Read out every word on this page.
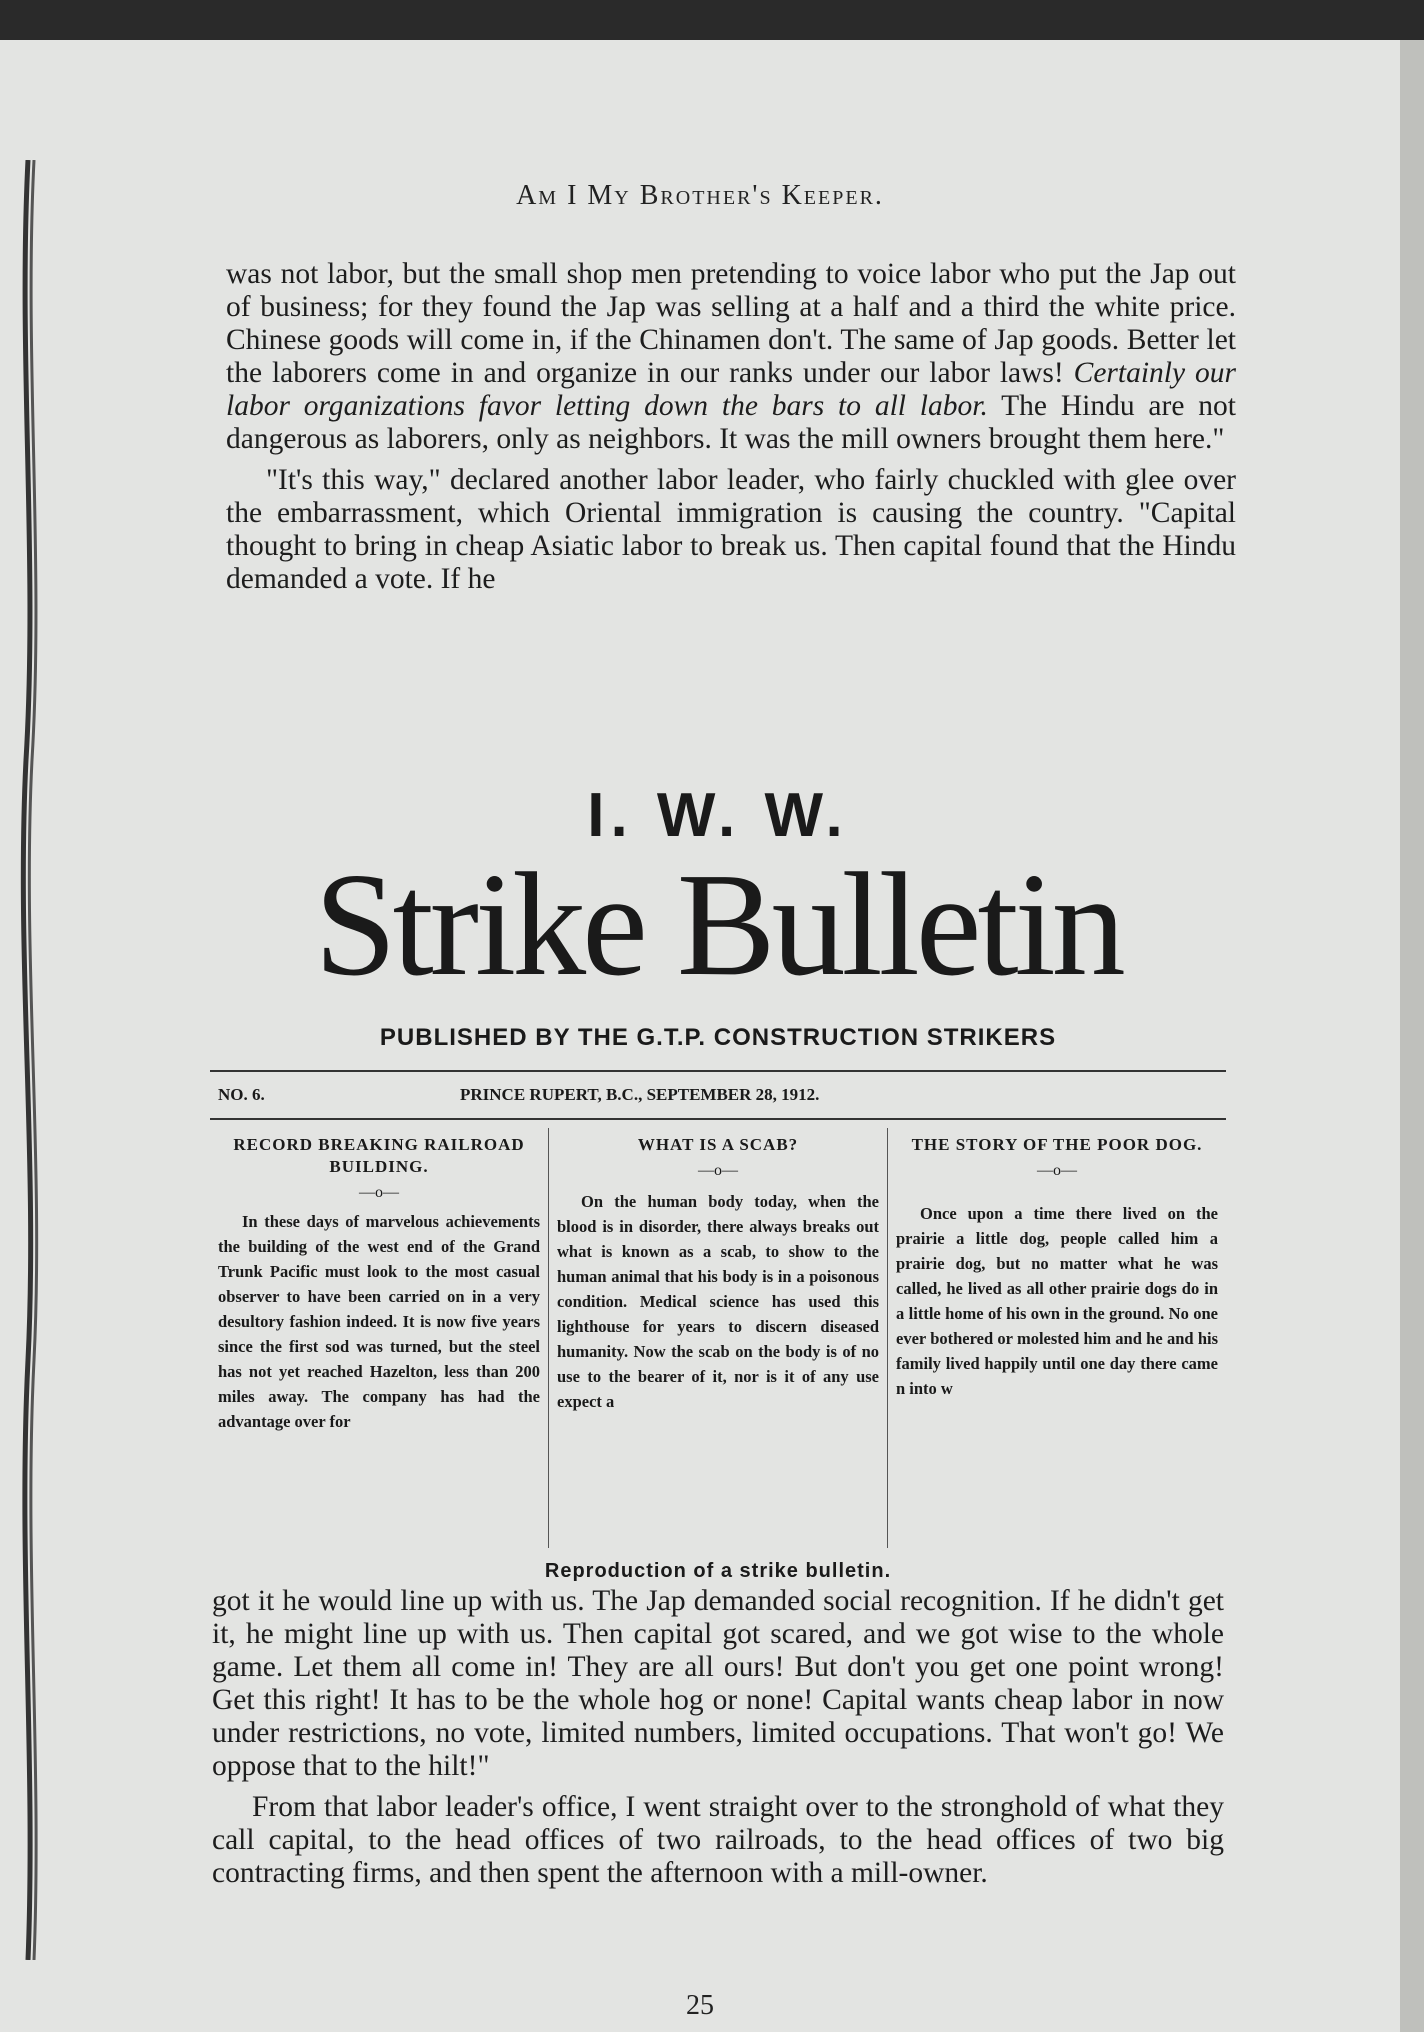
Am I My Brother's Keeper.

was not labor, but the small shop men pretending to voice labor who put the Jap out of business; for they found the Jap was selling at a half and a third the white price. Chinese goods will come in, if the Chinamen don't. The same of Jap goods. Better let the laborers come in and organize in our ranks under our labor laws! Certainly our labor organizations favor letting down the bars to all labor. The Hindu are not dangerous as laborers, only as neighbors. It was the mill owners brought them here."

"It's this way," declared another labor leader, who fairly chuckled with glee over the embarrassment, which Oriental immigration is causing the country. "Capital thought to bring in cheap Asiatic labor to break us. Then capital found that the Hindu demanded a vote. If he

I. W. W.
Strike Bulletin
PUBLISHED BY THE G.T.P. CONSTRUCTION STRIKERS
NO. 6.	PRINCE RUPERT, B.C., SEPTEMBER 28, 1912.
RECORD BREAKING RAILROAD BUILDING.
—o—
In these days of marvelous achievements the building of the west end of the Grand Trunk Pacific must look to the most casual observer to have been carried on in a very desultory fashion indeed. It is now five years since the first sod was turned, but the steel has not yet reached Hazelton, less than 200 miles away. The company has had the advantage over for
WHAT IS A SCAB?
—o—
On the human body today, when the blood is in disorder, there always breaks out what is known as a scab, to show to the human animal that his body is in a poisonous condition. Medical science has used this lighthouse for years to discern diseased humanity. Now the scab on the body is of no use to the bearer of it, nor is it of any use expect a
THE STORY OF THE POOR DOG.
—o—
Once upon a time there lived on the prairie a little dog, people called him a prairie dog, but no matter what he was called, he lived as all other prairie dogs do in a little home of his own in the ground. No one ever bothered or molested him and he and his family lived happily until one day there came n into w
Reproduction of a strike bulletin.

got it he would line up with us. The Jap demanded social recognition. If he didn't get it, he might line up with us. Then capital got scared, and we got wise to the whole game. Let them all come in! They are all ours! But don't you get one point wrong! Get this right! It has to be the whole hog or none! Capital wants cheap labor in now under restrictions, no vote, limited numbers, limited occupations. That won't go! We oppose that to the hilt!"

From that labor leader's office, I went straight over to the stronghold of what they call capital, to the head offices of two railroads, to the head offices of two big contracting firms, and then spent the afternoon with a mill-owner.

25
